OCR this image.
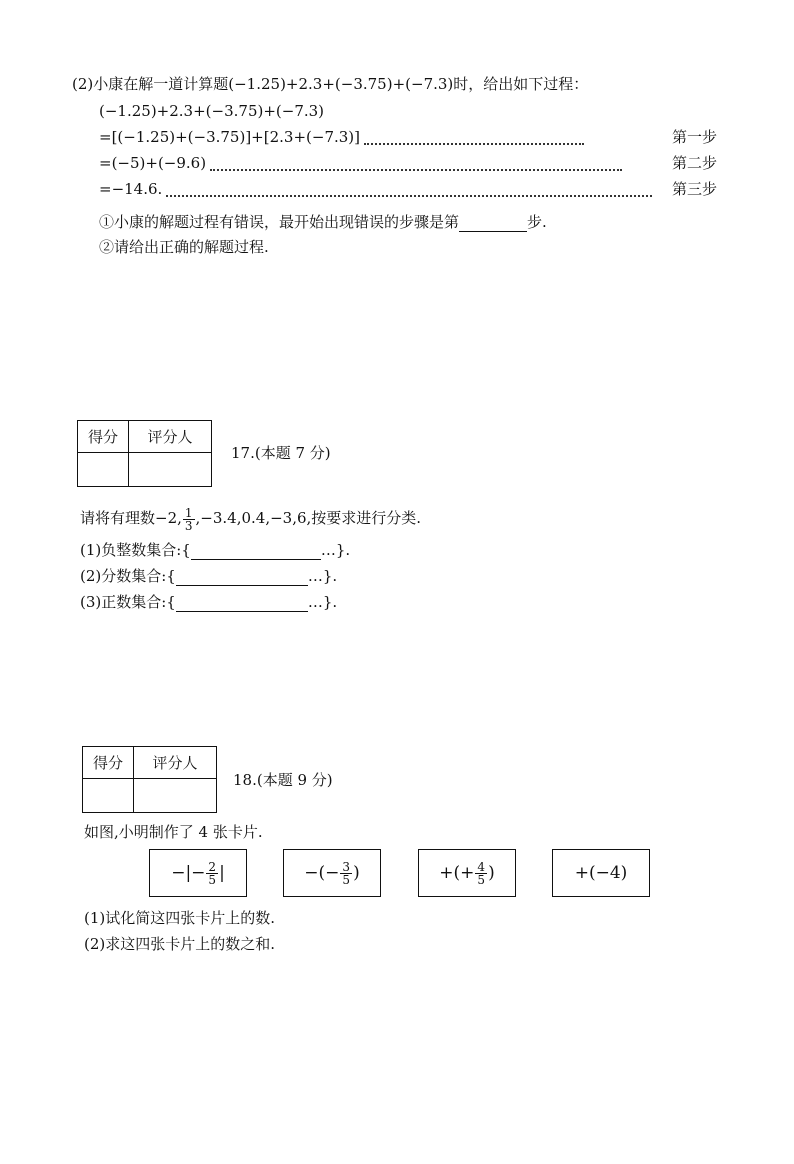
(2)小康在解一道计算题(−1.25)+2.3+(−3.75)+(−7.3)时，给出如下过程：
(−1.25)+2.3+(−3.75)+(−7.3)
=[(−1.25)+(−3.75)]+[2.3+(−7.3)]	第一步
=(−5)+(−9.6)	第二步
=−14.6.	第三步
①小康的解题过程有错误，最开始出现错误的步骤是第	步.
②请给出正确的解题过程.
得分	评分人

17.(本题 7 分)
请将有理数−2, $\frac{1}{3} ,-3.4,0.4,-3,6$,按要求进行分类.
(1)负整数集合:{	…}.
(2)分数集合:{	…}.
(3)正数集合:{	…}.
得分	评分人

18.(本题 9 分)
如图,小明制作了 4 张卡片.
−|− $\frac{2}{5}$ |	−(− $\frac{3}{5}$ )	+(+ $\frac{4}{5}$ )	+(−4)
(1)试化简这四张卡片上的数.
(2)求这四张卡片上的数之和.
